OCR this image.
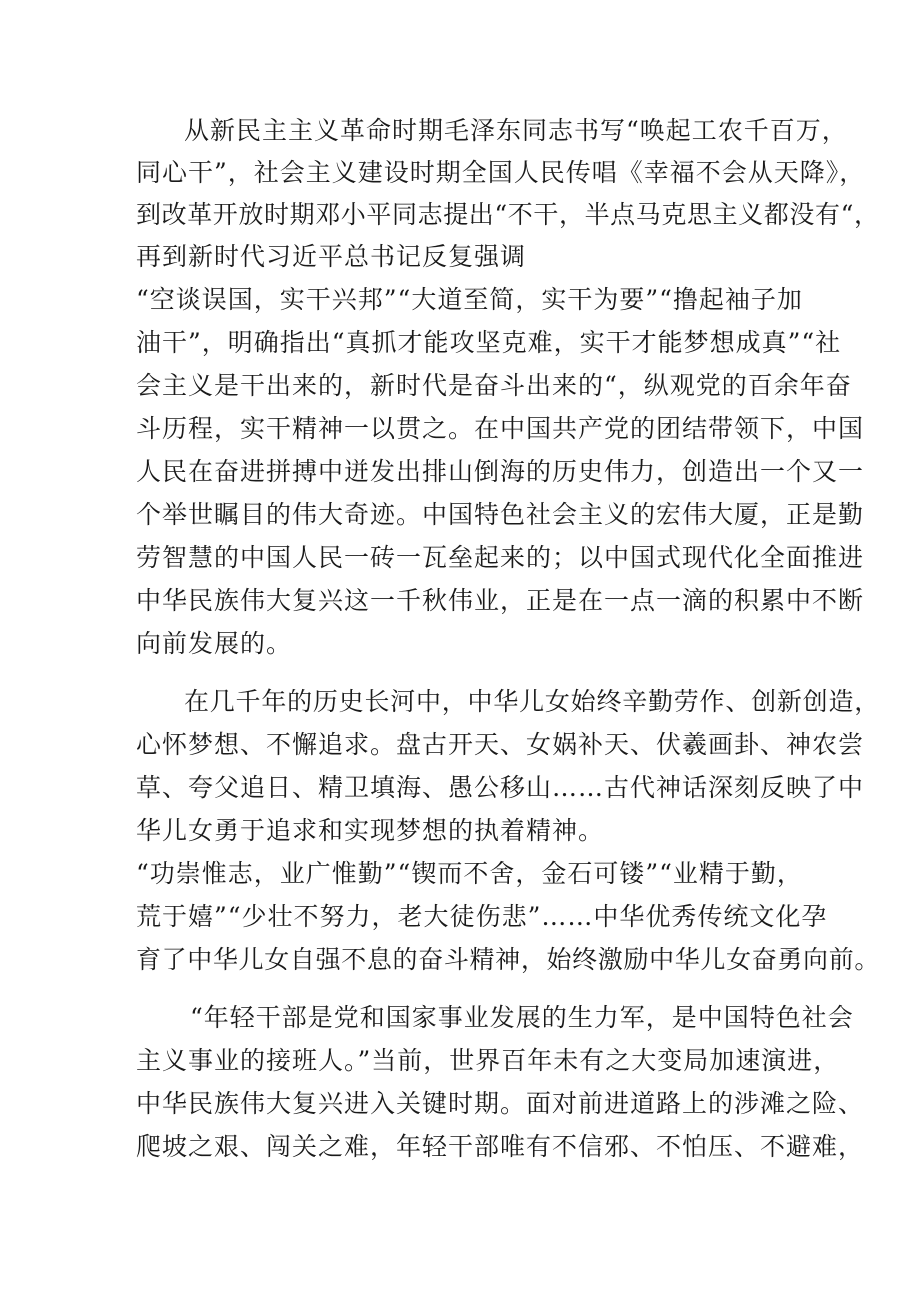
从新民主主义革命时期毛泽东同志书写“唤起工农千百万，
同心干”，社会主义建设时期全国人民传唱《幸福不会从天降》，
到改革开放时期邓小平同志提出“不干，半点马克思主义都没有“，
再到新时代习近平总书记反复强调
“空谈误国，实干兴邦”“大道至简，实干为要”“撸起袖子加
油干”，明确指出“真抓才能攻坚克难，实干才能梦想成真”“社
会主义是干出来的，新时代是奋斗出来的“，纵观党的百余年奋
斗历程，实干精神一以贯之。在中国共产党的团结带领下，中国
人民在奋进拼搏中迸发出排山倒海的历史伟力，创造出一个又一
个举世瞩目的伟大奇迹。中国特色社会主义的宏伟大厦，正是勤
劳智慧的中国人民一砖一瓦垒起来的；以中国式现代化全面推进
中华民族伟大复兴这一千秋伟业，正是在一点一滴的积累中不断
向前发展的。
在几千年的历史长河中，中华儿女始终辛勤劳作、创新创造，
心怀梦想、不懈追求。盘古开天、女娲补天、伏羲画卦、神农尝
草、夸父追日、精卫填海、愚公移山……古代神话深刻反映了中
华儿女勇于追求和实现梦想的执着精神。
“功崇惟志，业广惟勤”“锲而不舍，金石可镂”“业精于勤，
荒于嬉”“少壮不努力，老大徒伤悲”……中华优秀传统文化孕
育了中华儿女自强不息的奋斗精神，始终激励中华儿女奋勇向前。
“年轻干部是党和国家事业发展的生力军，是中国特色社会
主义事业的接班人。”当前，世界百年未有之大变局加速演进，
中华民族伟大复兴进入关键时期。面对前进道路上的涉滩之险、
爬坡之艰、闯关之难，年轻干部唯有不信邪、不怕压、不避难，
